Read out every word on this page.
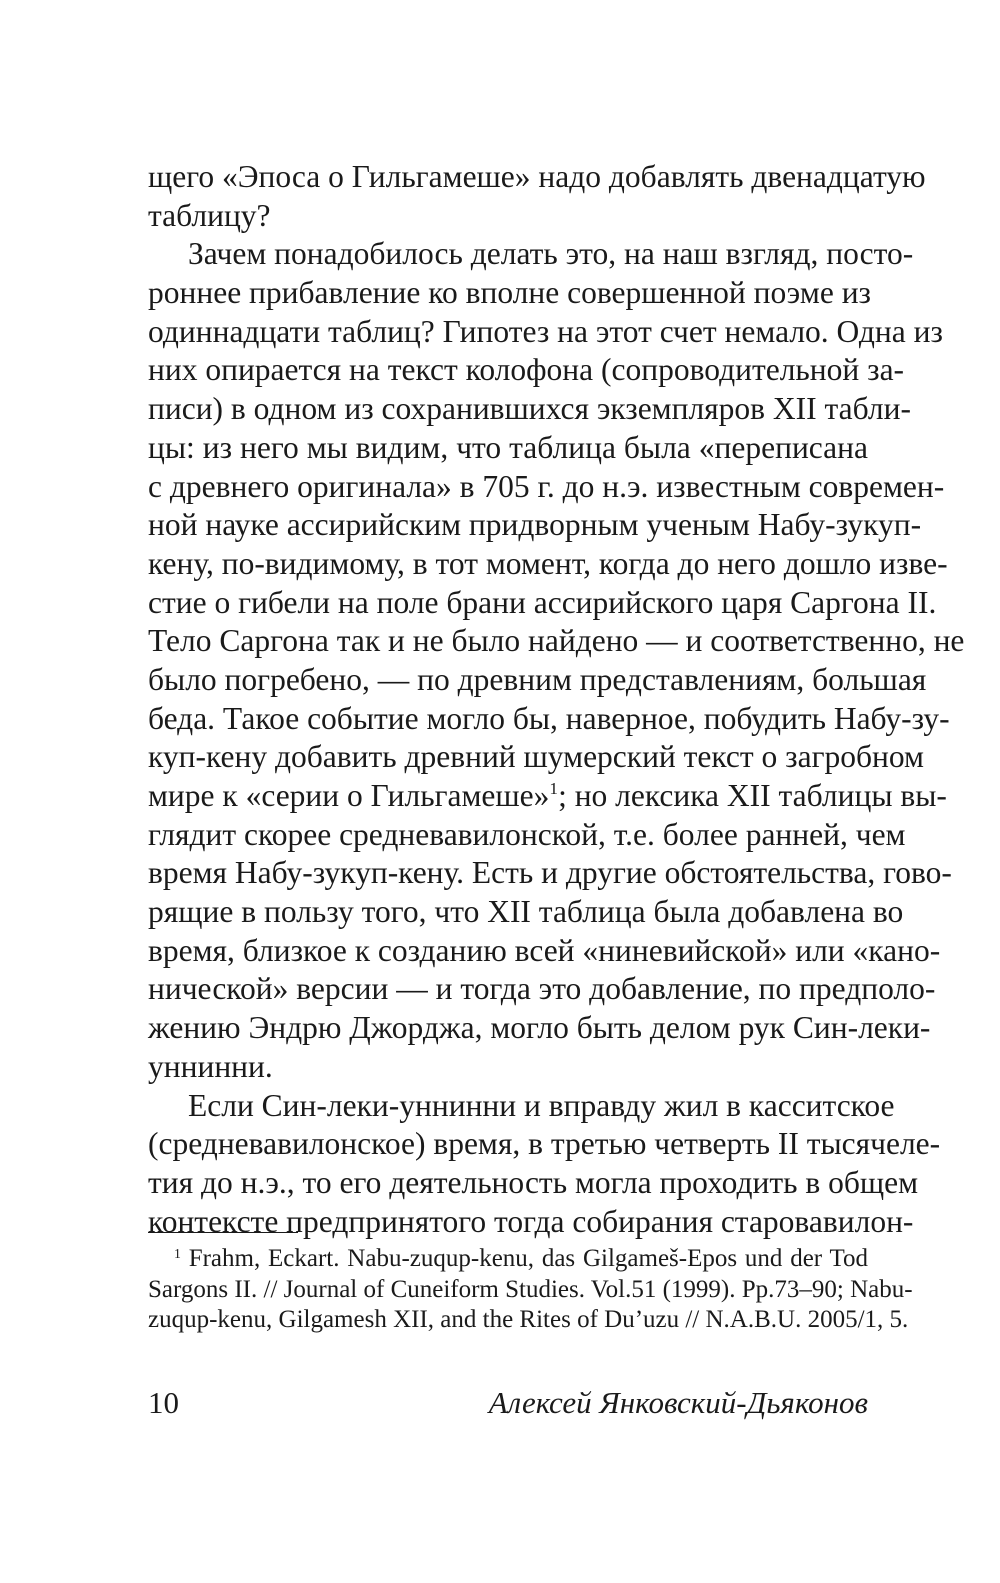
щего «Эпоса о Гильгамеше» надо добавлять двенадцатую
таблицу?
Зачем понадобилось делать это, на наш взгляд, посто-
роннее прибавление ко вполне совершенной поэме из
одиннадцати таблиц? Гипотез на этот счет немало. Одна из
них опирается на текст колофона (сопроводительной за-
писи) в одном из сохранившихся экземпляров XII табли-
цы: из него мы видим, что таблица была «переписана
с древнего оригинала» в 705 г. до н.э. известным современ-
ной науке ассирийским придворным ученым Набу-зукуп-
кену, по-видимому, в тот момент, когда до него дошло изве-
стие о гибели на поле брани ассирийского царя Саргона II.
Тело Саргона так и не было найдено — и соответственно, не
было погребено, — по древним представлениям, большая
беда. Такое событие могло бы, наверное, побудить Набу-зу-
куп-кену добавить древний шумерский текст о загробном
мире к «серии о Гильгамеше»$^1$; но лексика XII таблицы вы-
глядит скорее средневавилонской, т.е. более ранней, чем
время Набу-зукуп-кену. Есть и другие обстоятельства, гово-
рящие в пользу того, что XII таблица была добавлена во
время, близкое к созданию всей «ниневийской» или «кано-
нической» версии — и тогда это добавление, по предполо-
жению Эндрю Джорджа, могло быть делом рук Син-леки-
уннинни.
Если Син-леки-уннинни и вправду жил в касситское
(средневавилонское) время, в третью четверть II тысячеле-
тия до н.э., то его деятельность могла проходить в общем
контексте предпринятого тогда собирания старовавилон-
$^1$ Frahm, Eckart. Nabu-zuqup-kenu, das Gilgameš-Epos und der Tod
Sargons II. // Journal of Cuneiform Studies. Vol.51 (1999). Pp.73–90; Nabu-
zuqup-kenu, Gilgamesh XII, and the Rites of Du’uzu // N.A.B.U. 2005/1, 5.
10	Алексей Янковский-Дьяконов
